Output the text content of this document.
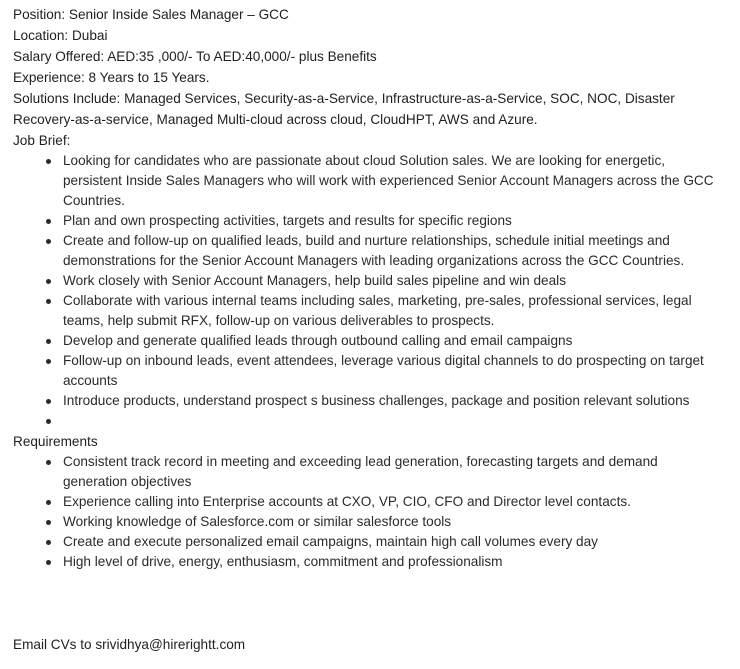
Position: Senior Inside Sales Manager – GCC

Location: Dubai

Salary Offered: AED:35 ,000/- To AED:40,000/- plus Benefits

Experience: 8 Years to 15 Years.

Solutions Include: Managed Services, Security-as-a-Service, Infrastructure-as-a-Service, SOC, NOC, Disaster Recovery-as-a-service, Managed Multi-cloud across cloud, CloudHPT, AWS and Azure.

Job Brief:

Looking for candidates who are passionate about cloud Solution sales. We are looking for energetic, persistent Inside Sales Managers who will work with experienced Senior Account Managers across the GCC Countries.
Plan and own prospecting activities, targets and results for specific regions
Create and follow-up on qualified leads, build and nurture relationships, schedule initial meetings and demonstrations for the Senior Account Managers with leading organizations across the GCC Countries.
Work closely with Senior Account Managers, help build sales pipeline and win deals
Collaborate with various internal teams including sales, marketing, pre-sales, professional services, legal teams, help submit RFX, follow-up on various deliverables to prospects.
Develop and generate qualified leads through outbound calling and email campaigns
Follow-up on inbound leads, event attendees, leverage various digital channels to do prospecting on target accounts
Introduce products, understand prospect s business challenges, package and position relevant solutions

Requirements

Consistent track record in meeting and exceeding lead generation, forecasting targets and demand generation objectives
Experience calling into Enterprise accounts at CXO, VP, CIO, CFO and Director level contacts.
Working knowledge of Salesforce.com or similar salesforce tools
Create and execute personalized email campaigns, maintain high call volumes every day
High level of drive, energy, enthusiasm, commitment and professionalism
Email CVs to srividhya@hirerightt.com
